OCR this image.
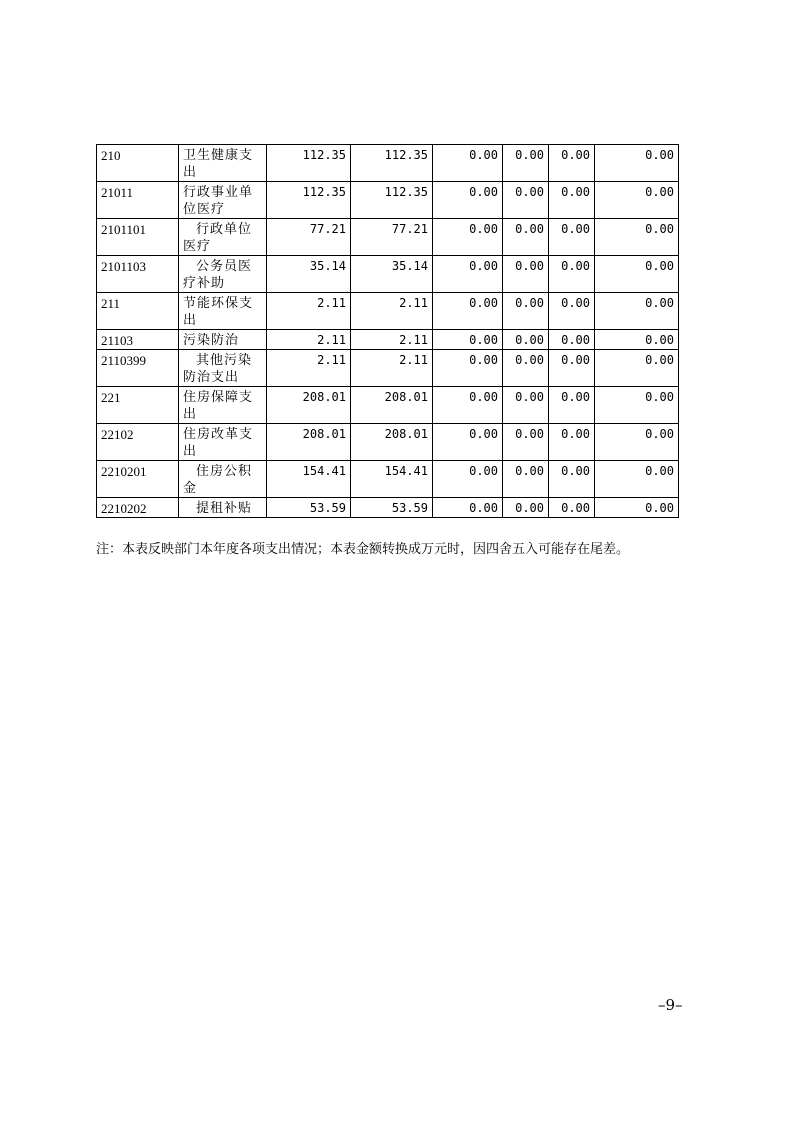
210	卫生健康支出	112.35	112.35	0.00	0.00	0.00	0.00
21011	行政事业单位医疗	112.35	112.35	0.00	0.00	0.00	0.00
2101101	行政单位医疗	77.21	77.21	0.00	0.00	0.00	0.00
2101103	公务员医疗补助	35.14	35.14	0.00	0.00	0.00	0.00
211	节能环保支出	2.11	2.11	0.00	0.00	0.00	0.00
21103	污染防治	2.11	2.11	0.00	0.00	0.00	0.00
2110399	其他污染防治支出	2.11	2.11	0.00	0.00	0.00	0.00
221	住房保障支出	208.01	208.01	0.00	0.00	0.00	0.00
22102	住房改革支出	208.01	208.01	0.00	0.00	0.00	0.00
2210201	住房公积金	154.41	154.41	0.00	0.00	0.00	0.00
2210202	提租补贴	53.59	53.59	0.00	0.00	0.00	0.00
注：本表反映部门本年度各项支出情况；本表金额转换成万元时，因四舍五入可能存在尾差。
–9–
